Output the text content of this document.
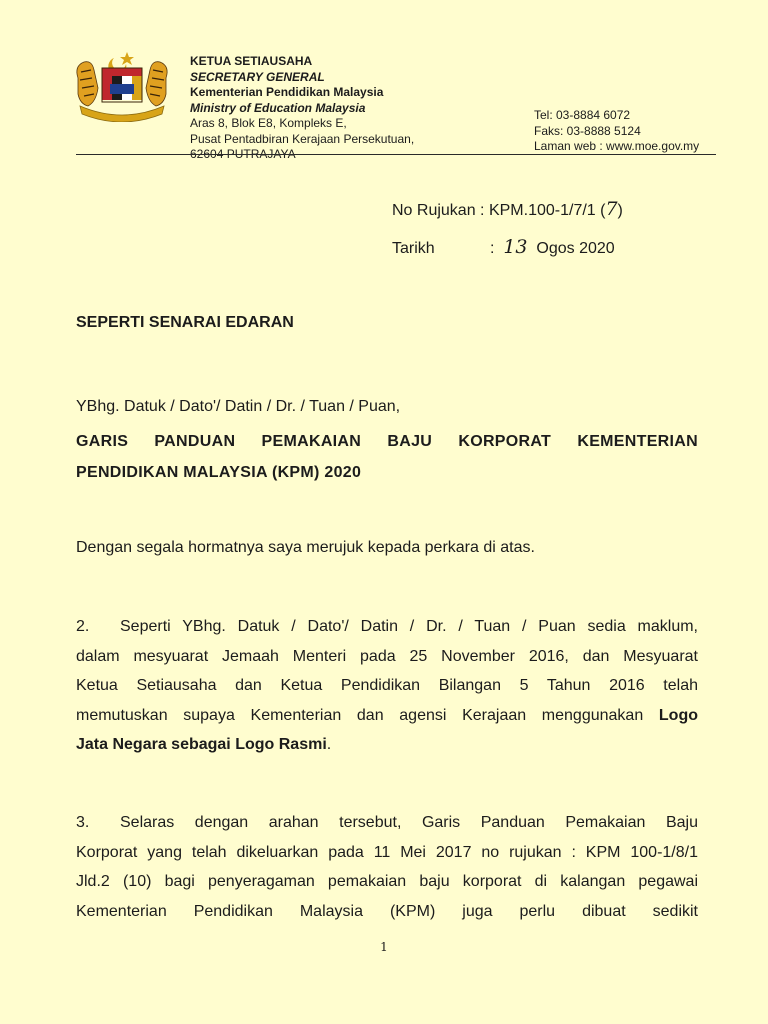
KETUA SETIAUSAHA
SECRETARY GENERAL
Kementerian Pendidikan Malaysia
Ministry of Education Malaysia
Aras 8, Blok E8, Kompleks E,
Pusat Pentadbiran Kerajaan Persekutuan,
62604 PUTRAJAYA
Tel: 03-8884 6072
Faks: 03-8888 5124
Laman web : www.moe.gov.my
No Rujukan : KPM.100-1/7/1 (7)
Tarikh	: 13 Ogos 2020
SEPERTI SENARAI EDARAN
YBhg. Datuk / Dato'/ Datin / Dr. / Tuan / Puan,
GARIS PANDUAN PEMAKAIAN BAJU KORPORAT KEMENTERIAN
PENDIDIKAN MALAYSIA (KPM) 2020
Dengan segala hormatnya saya merujuk kepada perkara di atas.
2. Seperti YBhg. Datuk / Dato'/ Datin / Dr. / Tuan / Puan sedia maklum,
dalam mesyuarat Jemaah Menteri pada 25 November 2016, dan Mesyuarat
Ketua Setiausaha dan Ketua Pendidikan Bilangan 5 Tahun 2016 telah
memutuskan supaya Kementerian dan agensi Kerajaan menggunakan Logo
Jata Negara sebagai Logo Rasmi.
3. Selaras dengan arahan tersebut, Garis Panduan Pemakaian Baju
Korporat yang telah dikeluarkan pada 11 Mei 2017 no rujukan : KPM 100-1/8/1
Jld.2 (10) bagi penyeragaman pemakaian baju korporat di kalangan pegawai
Kementerian Pendidikan Malaysia (KPM) juga perlu dibuat sedikit
1
